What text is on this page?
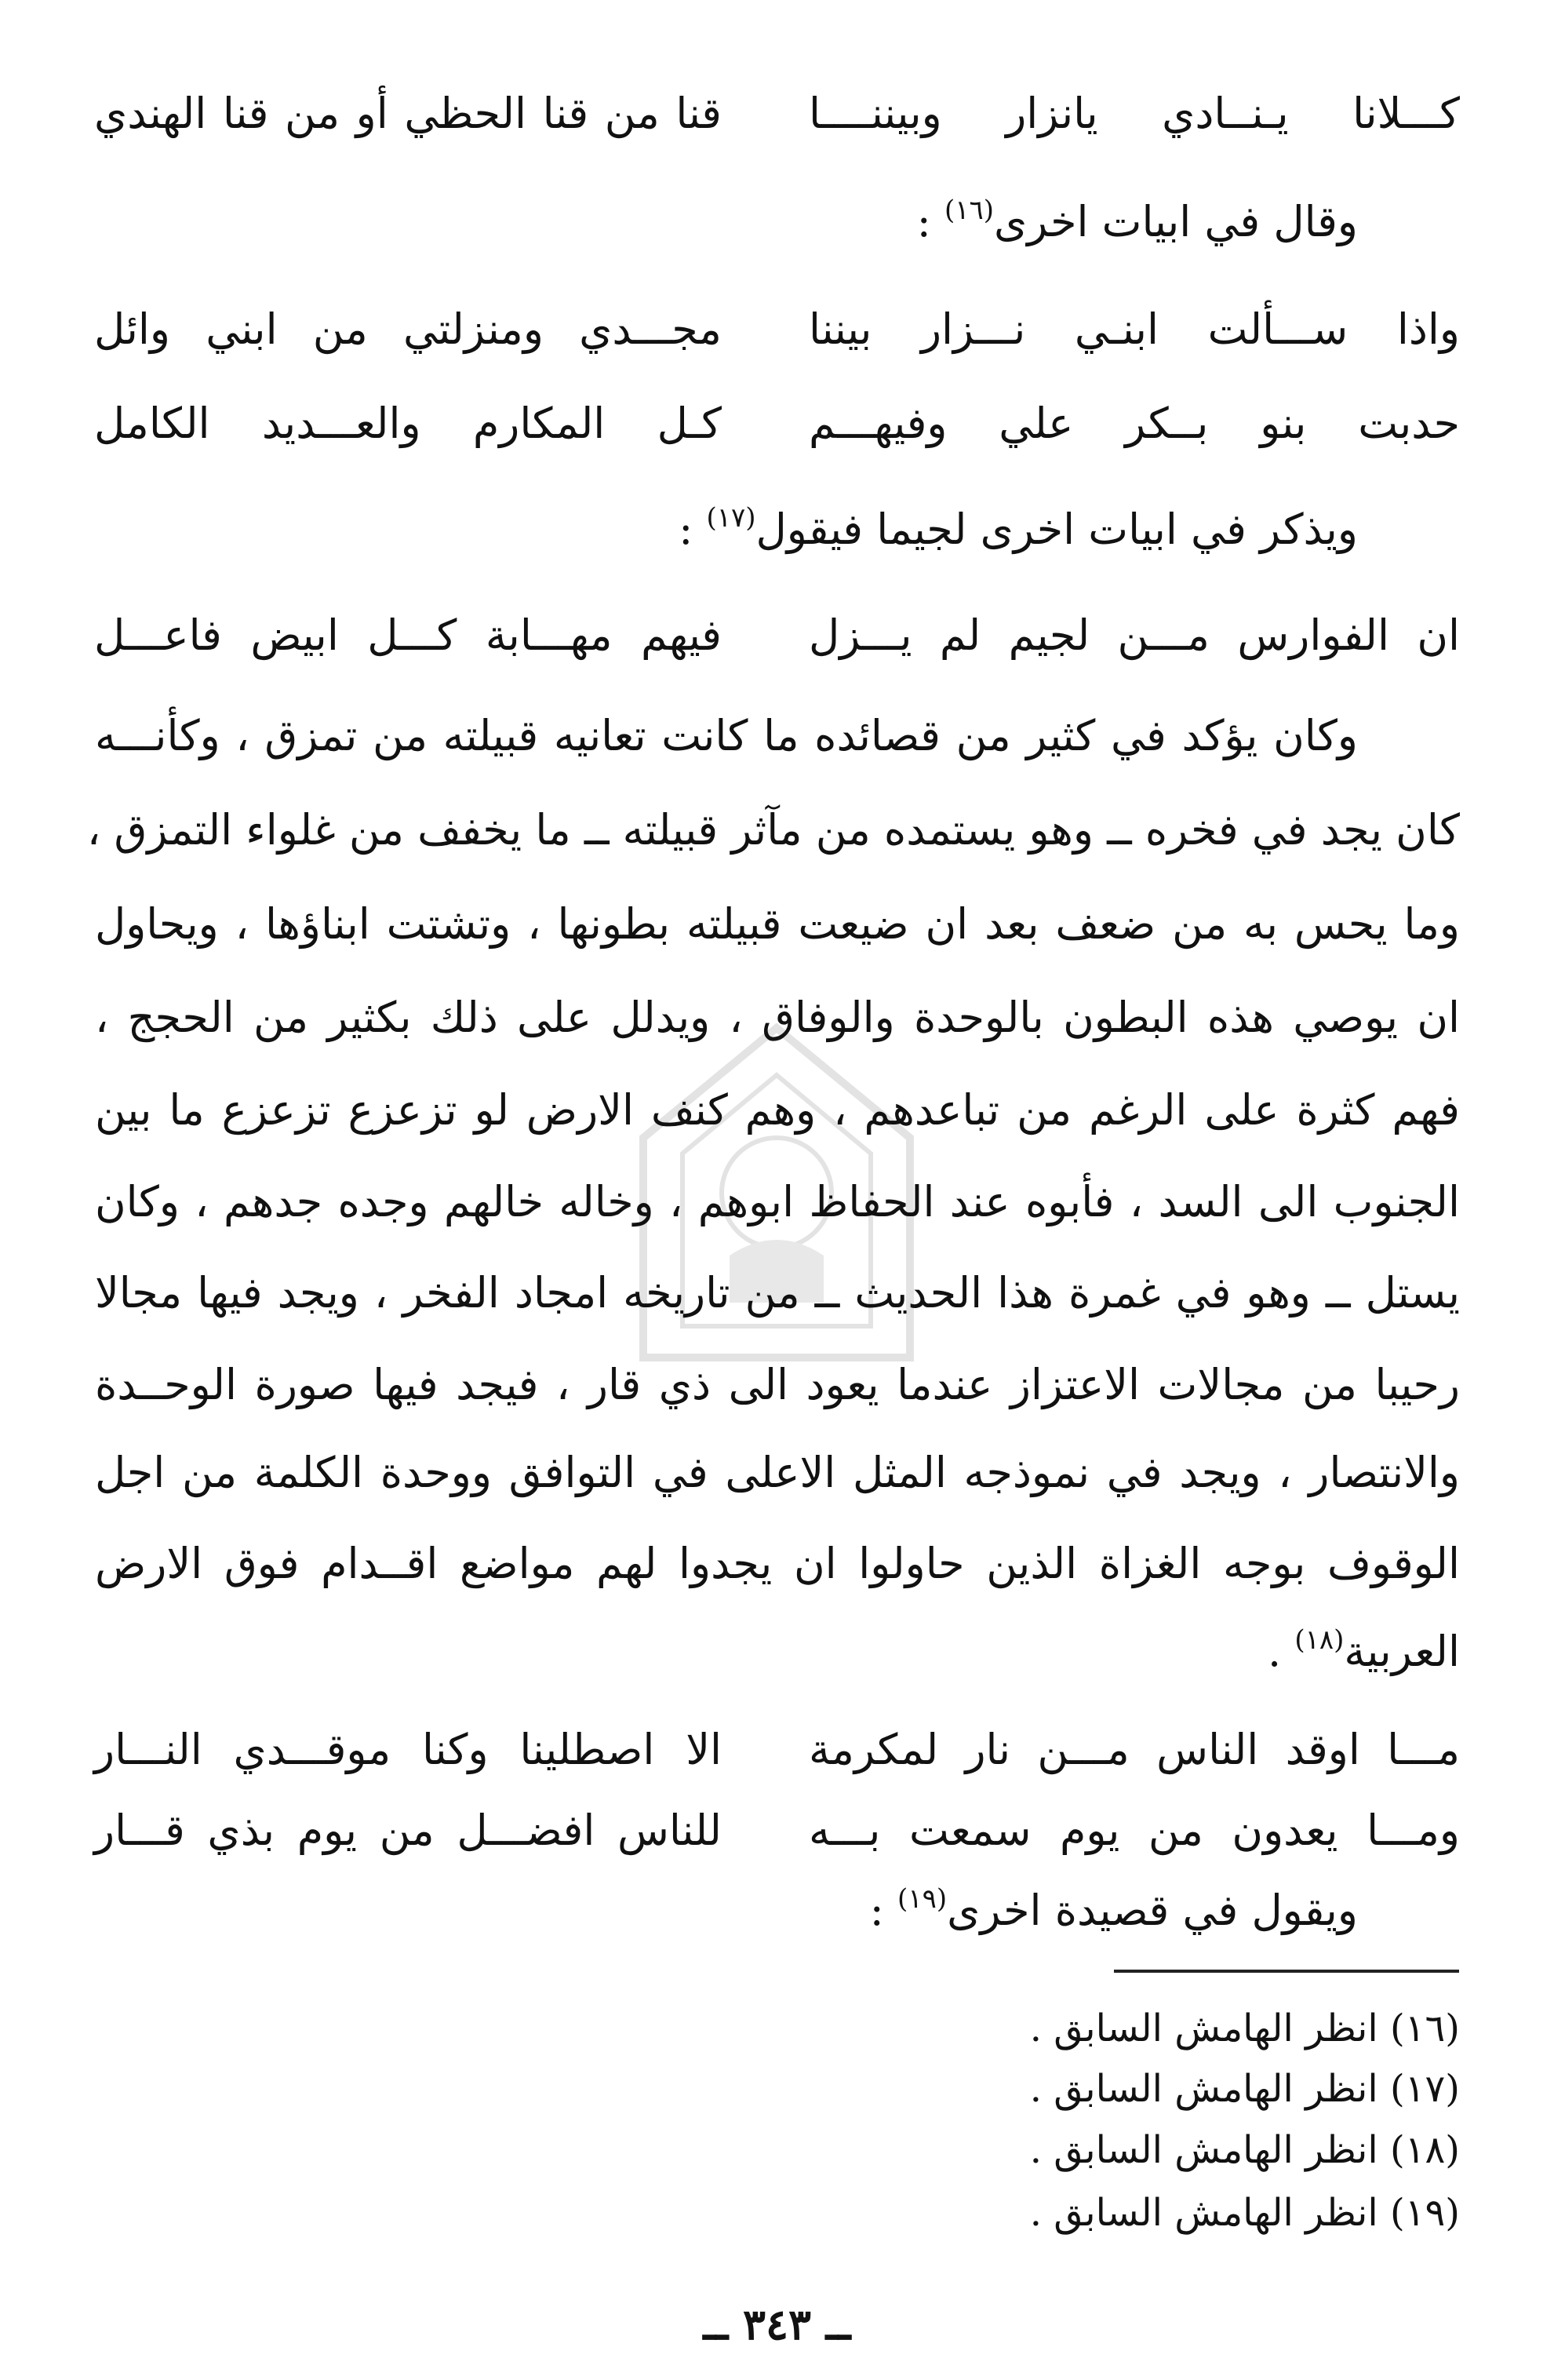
كـــلانا يـنــادي يانزار وبيننــــا
قنا من قنا الحظي أو من قنا الهندي
وقال في ابيات اخرى$^{(١٦)}$ :
واذا ســـألت ابنـي نـــزار بيننا
مجـــدي ومنزلتي من ابني وائل
حدبت بنو بــكر علي وفيهـــم
كـل المكارم والعـــديد الكامل
ويذكر في ابيات اخرى لجيما فيقول$^{(١٧)}$ :
ان الفوارس مـــن لجيم لم يـــزل
فيهم مهـــابة كـــل ابيض فاعـــل
وكان يؤكد في كثير من قصائده ما كانت تعانيه قبيلته من تمزق ، وكأنـــه
كان يجد في فخره ــ وهو يستمده من مآثر قبيلته ــ ما يخفف من غلواء التمزق ،
وما يحس به من ضعف بعد ان ضيعت قبيلته بطونها ، وتشتت ابناؤها ، ويحاول
ان يوصي هذه البطون بالوحدة والوفاق ، ويدلل على ذلك بكثير من الحجج ،
فهم كثرة على الرغم من تباعدهم ، وهم كنف الارض لو تزعزع تزعزع ما بين
الجنوب الى السد ، فأبوه عند الحفاظ ابوهم ، وخاله خالهم وجده جدهم ، وكان
يستل ــ وهو في غمرة هذا الحديث ــ من تاريخه امجاد الفخر ، ويجد فيها مجالا
رحيبا من مجالات الاعتزاز عندما يعود الى ذي قار ، فيجد فيها صورة الوحــدة
والانتصار ، ويجد في نموذجه المثل الاعلى في التوافق ووحدة الكلمة من اجل
الوقوف بوجه الغزاة الذين حاولوا ان يجدوا لهم مواضع اقــدام فوق الارض
العربية$^{(١٨)}$ .
مـــا اوقد الناس مـــن نار لمكرمة
الا اصطلينا وكنا موقـــدي النـــار
ومـــا يعدون من يوم سمعت بـــه
للناس افضـــل من يوم بذي قـــار
ويقول في قصيدة اخرى$^{(١٩)}$ :
(١٦) انظر الهامش السابق .
(١٧) انظر الهامش السابق .
(١٨) انظر الهامش السابق .
(١٩) انظر الهامش السابق .
ــ ٣٤٣ ــ
